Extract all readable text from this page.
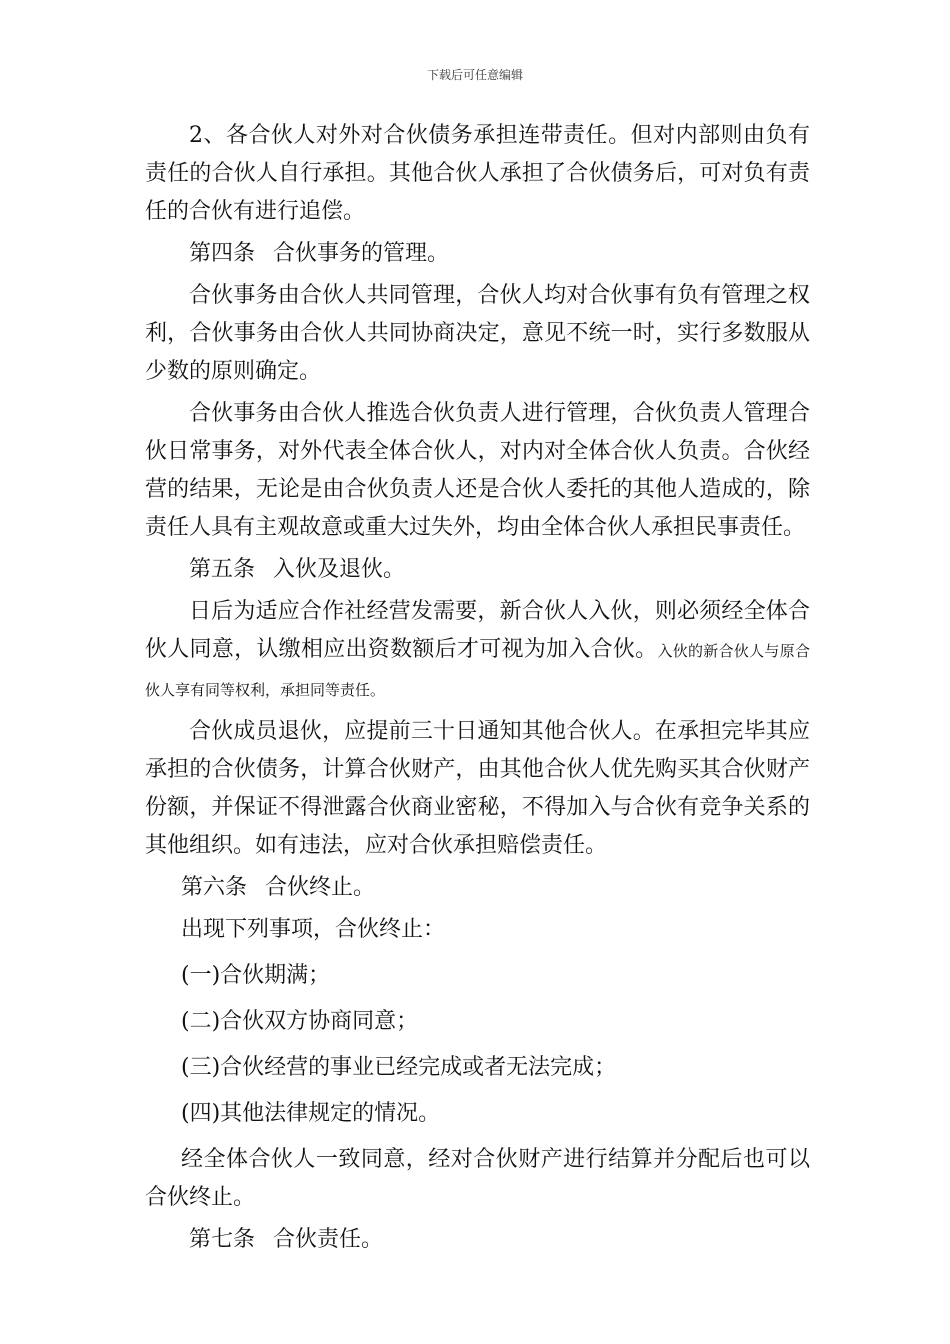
下载后可任意编辑

2、各合伙人对外对合伙债务承担连带责任。但对内部则由负有责任的合伙人自行承担。其他合伙人承担了合伙债务后，可对负有责任的合伙有进行追偿。

第四条 合伙事务的管理。

合伙事务由合伙人共同管理，合伙人均对合伙事有负有管理之权利，合伙事务由合伙人共同协商决定，意见不统一时，实行多数服从少数的原则确定。

合伙事务由合伙人推选合伙负责人进行管理，合伙负责人管理合伙日常事务，对外代表全体合伙人，对内对全体合伙人负责。合伙经营的结果，无论是由合伙负责人还是合伙人委托的其他人造成的，除责任人具有主观故意或重大过失外，均由全体合伙人承担民事责任。

第五条 入伙及退伙。

日后为适应合作社经营发需要，新合伙人入伙，则必须经全体合伙人同意，认缴相应出资数额后才可视为加入合伙。入伙的新合伙人与原合伙人享有同等权利，承担同等责任。

合伙成员退伙，应提前三十日通知其他合伙人。在承担完毕其应承担的合伙债务，计算合伙财产，由其他合伙人优先购买其合伙财产份额，并保证不得泄露合伙商业密秘，不得加入与合伙有竞争关系的其他组织。如有违法，应对合伙承担赔偿责任。

第六条 合伙终止。

出现下列事项，合伙终止：

(一)合伙期满；

(二)合伙双方协商同意；

(三)合伙经营的事业已经完成或者无法完成；

(四)其他法律规定的情况。

经全体合伙人一致同意，经对合伙财产进行结算并分配后也可以合伙终止。

第七条 合伙责任。
